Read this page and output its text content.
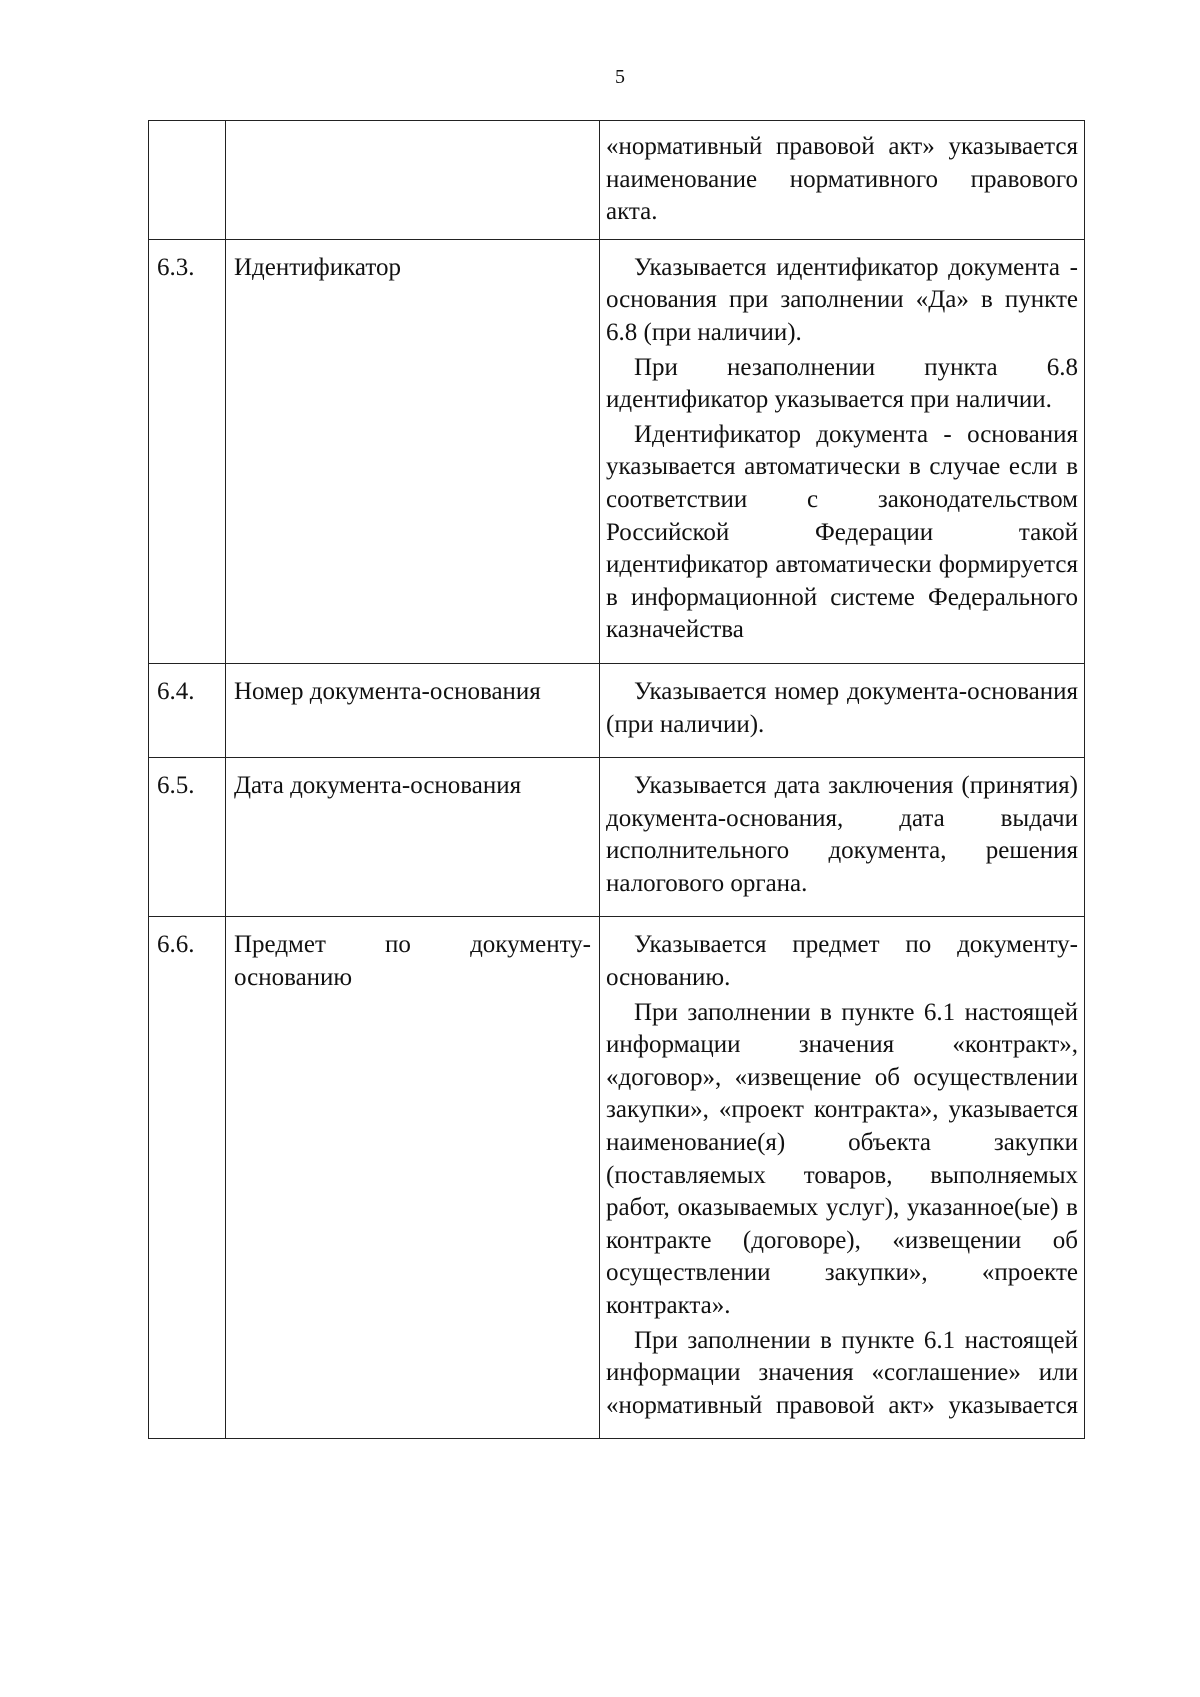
5

		«нормативный правовой акт» указывается наименование нормативного правового акта.

6.3.	Идентификатор	Указывается идентификатор документа - основания при заполнении «Да» в пункте 6.8 (при наличии).

При незаполнении пункта 6.8 идентификатор указывается при наличии.

Идентификатор документа - основания указывается автоматически в случае если в соответствии с законодательством Российской Федерации такой идентификатор автоматически формируется в информационной системе Федерального казначейства

6.4.	Номер документа-основания	Указывается номер документа-основания (при наличии).

6.5.	Дата документа-основания	Указывается дата заключения (принятия) документа-основания, дата выдачи исполнительного документа, решения налогового органа.

6.6.	Предмет по документу-основанию	Указывается предмет по документу-основанию.

При заполнении в пункте 6.1 настоящей информации значения «контракт», «договор», «извещение об осуществлении закупки», «проект контракта», указывается наименование(я) объекта закупки (поставляемых товаров, выполняемых работ, оказываемых услуг), указанное(ые) в контракте (договоре), «извещении об осуществлении закупки», «проекте контракта».

При заполнении в пункте 6.1 настоящей информации значения «соглашение» или «нормативный правовой акт» указывается
